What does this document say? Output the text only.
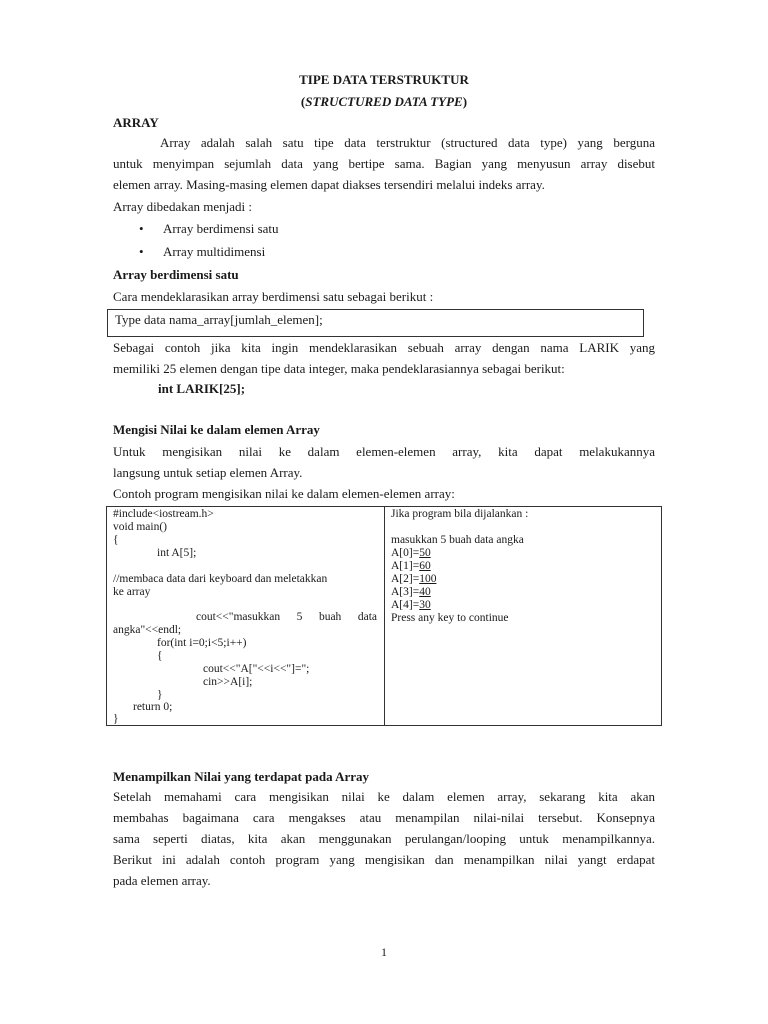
TIPE DATA TERSTRUKTUR
(STRUCTURED DATA TYPE)
ARRAY
Array adalah salah satu tipe data terstruktur (structured data type) yang berguna
untuk menyimpan sejumlah data yang bertipe sama. Bagian yang menyusun array disebut
elemen array. Masing-masing elemen dapat diakses tersendiri melalui indeks array.
Array dibedakan menjadi :
• Array berdimensi satu
• Array multidimensi
Array berdimensi satu
Cara mendeklarasikan array berdimensi satu sebagai berikut :
Type data nama_array[jumlah_elemen];
Sebagai contoh jika kita ingin mendeklarasikan sebuah array dengan nama LARIK yang
memiliki 25 elemen dengan tipe data integer, maka pendeklarasiannya sebagai berikut:
int LARIK[25];
Mengisi Nilai ke dalam elemen Array
Untuk mengisikan nilai ke dalam elemen-elemen array, kita dapat melakukannya
langsung untuk setiap elemen Array.
Contoh program mengisikan nilai ke dalam elemen-elemen array:
#include<iostream.h>
void main()
{
int A[5];
//membaca data dari keyboard dan meletakkan
ke array
cout<<"masukkan 5 buah data
angka"<<endl;
for(int i=0;i<5;i++)
{
cout<<"A["<<i<<"]=";
cin>>A[i];
}
return 0;
}
Jika program bila dijalankan :
masukkan 5 buah data angka
A[0]=50
A[1]=60
A[2]=100
A[3]=40
A[4]=30
Press any key to continue
Menampilkan Nilai yang terdapat pada Array
Setelah memahami cara mengisikan nilai ke dalam elemen array, sekarang kita akan
membahas bagaimana cara mengakses atau menampilan nilai-nilai tersebut. Konsepnya
sama seperti diatas, kita akan menggunakan perulangan/looping untuk menampilkannya.
Berikut ini adalah contoh program yang mengisikan dan menampilkan nilai yangt erdapat
pada elemen array.
1
